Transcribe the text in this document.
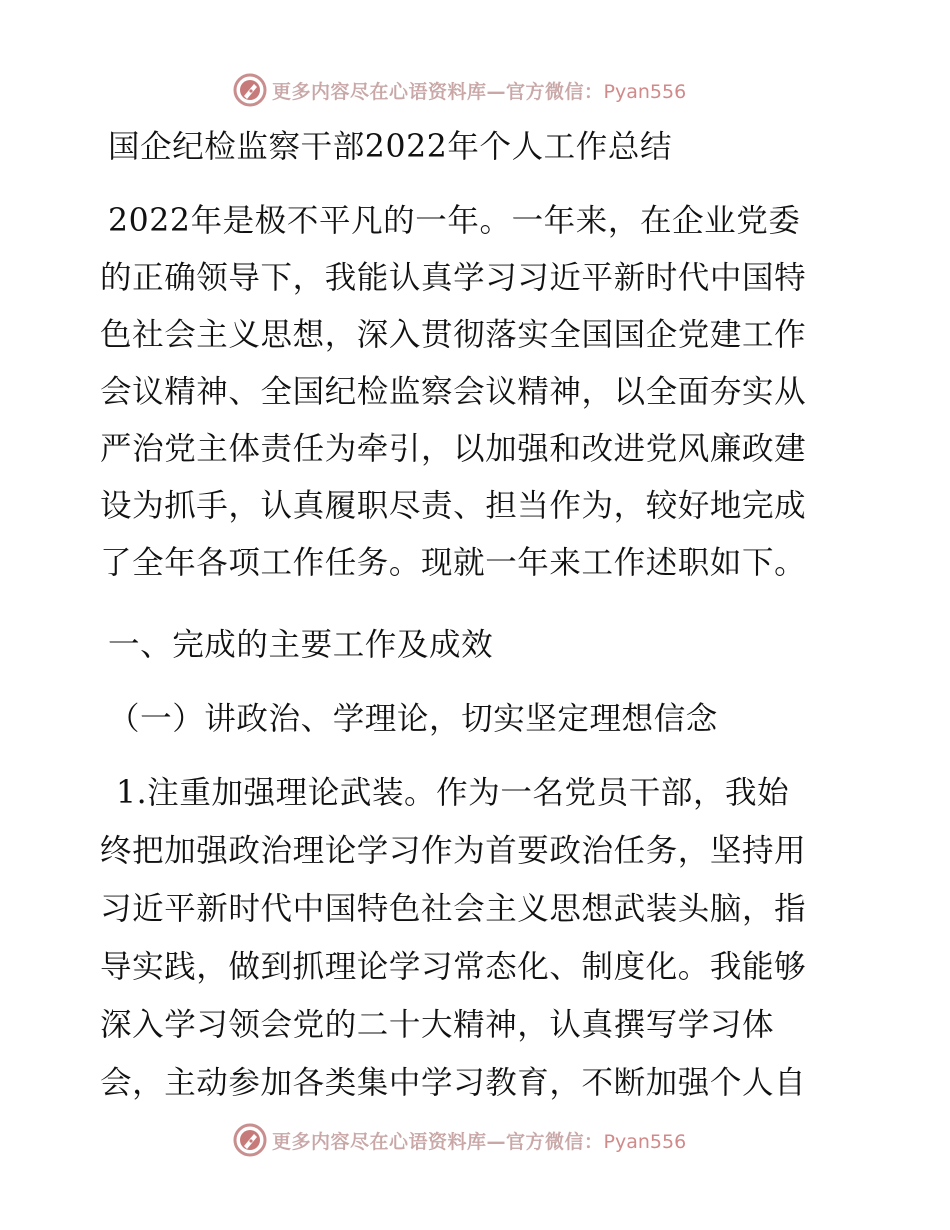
更多内容尽在心语资料库—官方微信：Pyan556
国企纪检监察干部2022年个人工作总结
2022年是极不平凡的一年。一年来，在企业党委
的正确领导下，我能认真学习习近平新时代中国特
色社会主义思想，深入贯彻落实全国国企党建工作
会议精神、全国纪检监察会议精神，以全面夯实从
严治党主体责任为牵引，以加强和改进党风廉政建
设为抓手，认真履职尽责、担当作为，较好地完成
了全年各项工作任务。现就一年来工作述职如下。
一、完成的主要工作及成效
（一）讲政治、学理论，切实坚定理想信念
1.注重加强理论武装。作为一名党员干部，我始
终把加强政治理论学习作为首要政治任务，坚持用
习近平新时代中国特色社会主义思想武装头脑，指
导实践，做到抓理论学习常态化、制度化。我能够
深入学习领会党的二十大精神，认真撰写学习体
会，主动参加各类集中学习教育，不断加强个人自
更多内容尽在心语资料库—官方微信：Pyan556
